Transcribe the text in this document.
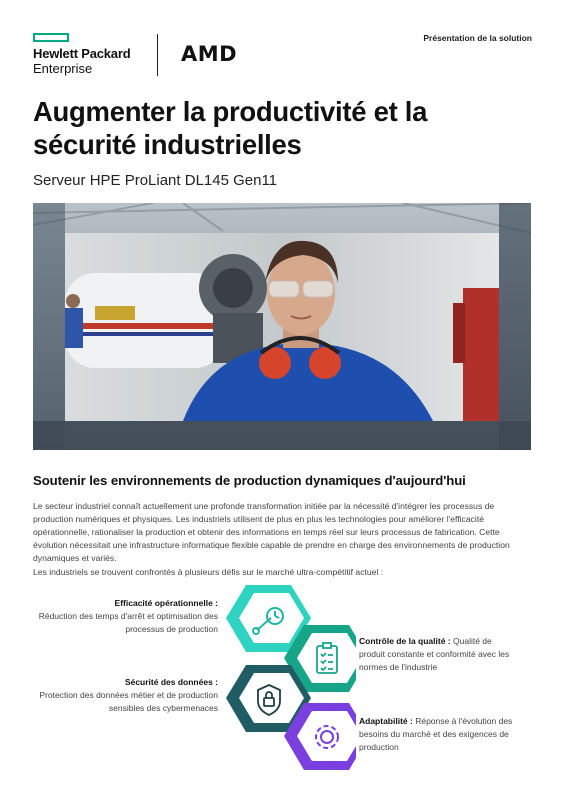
Hewlett Packard
Enterprise
AMD
Présentation de la solution
Augmenter la productivité et la sécurité industrielles
Serveur HPE ProLiant DL145 Gen11
Soutenir les environnements de production dynamiques d'aujourd'hui
Le secteur industriel connaît actuellement une profonde transformation initiée par la nécessité d'intégrer les processus de production numériques et physiques. Les industriels utilisent de plus en plus les technologies pour améliorer l'efficacité opérationnelle, rationaliser la production et obtenir des informations en temps réel sur leurs processus de fabrication. Cette évolution nécessitait une infrastructure informatique flexible capable de prendre en charge des environnements de production dynamiques et variés.
Les industriels se trouvent confrontés à plusieurs défis sur le marché ultra-compétitif actuel :
Efficacité opérationnelle :
Réduction des temps d'arrêt et optimisation des processus de production
Sécurité des données :
Protection des données métier et de production sensibles des cybermenaces
Contrôle de la qualité : Qualité de produit constante et conformité avec les normes de l'industrie
Adaptabilité : Réponse à l'évolution des besoins du marché et des exigences de production
